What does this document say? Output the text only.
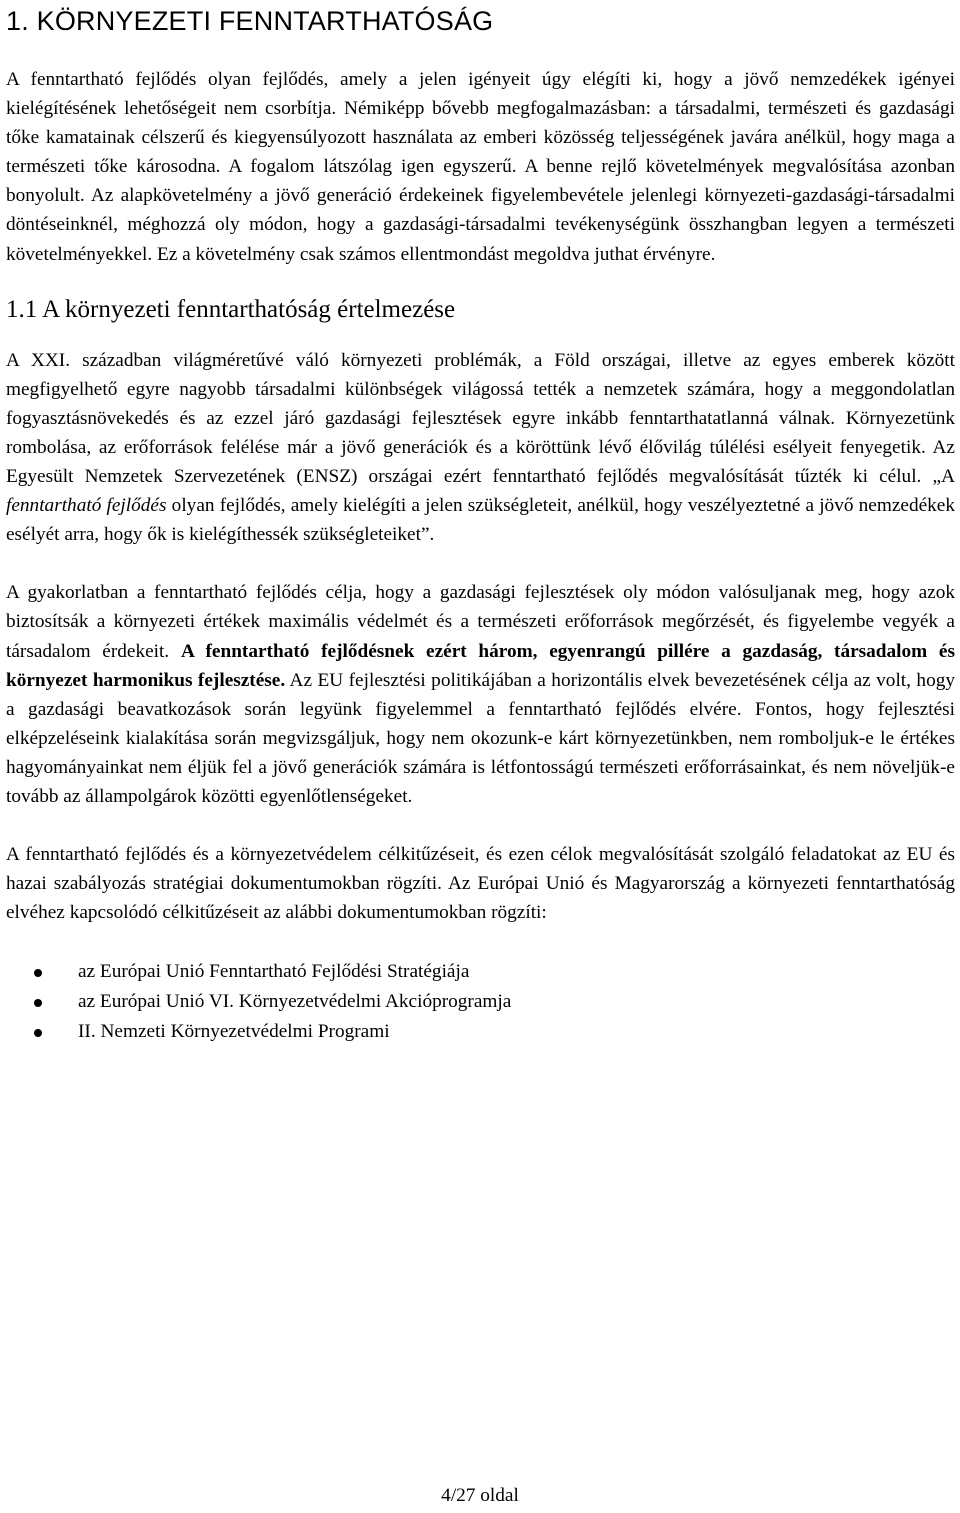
1. KÖRNYEZETI FENNTARTHATÓSÁG

A fenntartható fejlődés olyan fejlődés, amely a jelen igényeit úgy elégíti ki, hogy a jövő nemzedékek igényei kielégítésének lehetőségeit nem csorbítja. Némiképp bővebb megfogalmazásban: a társadalmi, természeti és gazdasági tőke kamatainak célszerű és kiegyensúlyozott használata az emberi közösség teljességének javára anélkül, hogy maga a természeti tőke károsodna. A fogalom látszólag igen egyszerű. A benne rejlő követelmények megvalósítása azonban bonyolult. Az alapkövetelmény a jövő generáció érdekeinek figyelembevétele jelenlegi környezeti-gazdasági-társadalmi döntéseinknél, méghozzá oly módon, hogy a gazdasági-társadalmi tevékenységünk összhangban legyen a természeti követelményekkel. Ez a követelmény csak számos ellentmondást megoldva juthat érvényre.

1.1 A környezeti fenntarthatóság értelmezése

A XXI. században világméretűvé váló környezeti problémák, a Föld országai, illetve az egyes emberek között megfigyelhető egyre nagyobb társadalmi különbségek világossá tették a nemzetek számára, hogy a meggondolatlan fogyasztásnövekedés és az ezzel járó gazdasági fejlesztések egyre inkább fenntarthatatlanná válnak. Környezetünk rombolása, az erőforrások felélése már a jövő generációk és a köröttünk lévő élővilág túlélési esélyeit fenyegetik. Az Egyesült Nemzetek Szervezetének (ENSZ) országai ezért fenntartható fejlődés megvalósítását tűzték ki célul. „A fenntartható fejlődés olyan fejlődés, amely kielégíti a jelen szükségleteit, anélkül, hogy veszélyeztetné a jövő nemzedékek esélyét arra, hogy ők is kielégíthessék szükségleteiket”.

A gyakorlatban a fenntartható fejlődés célja, hogy a gazdasági fejlesztések oly módon valósuljanak meg, hogy azok biztosítsák a környezeti értékek maximális védelmét és a természeti erőforrások megőrzését, és figyelembe vegyék a társadalom érdekeit. A fenntartható fejlődésnek ezért három, egyenrangú pillére a gazdaság, társadalom és környezet harmonikus fejlesztése. Az EU fejlesztési politikájában a horizontális elvek bevezetésének célja az volt, hogy a gazdasági beavatkozások során legyünk figyelemmel a fenntartható fejlődés elvére. Fontos, hogy fejlesztési elképzeléseink kialakítása során megvizsgáljuk, hogy nem okozunk-e kárt környezetünkben, nem romboljuk-e le értékes hagyományainkat nem éljük fel a jövő generációk számára is létfontosságú természeti erőforrásainkat, és nem növeljük-e tovább az állampolgárok közötti egyenlőtlenségeket.

A fenntartható fejlődés és a környezetvédelem célkitűzéseit, és ezen célok megvalósítását szolgáló feladatokat az EU és hazai szabályozás stratégiai dokumentumokban rögzíti. Az Európai Unió és Magyarország a környezeti fenntarthatóság elvéhez kapcsolódó célkitűzéseit az alábbi dokumentumokban rögzíti:

az Európai Unió Fenntartható Fejlődési Stratégiája
az Európai Unió VI. Környezetvédelmi Akcióprogramja
II. Nemzeti Környezetvédelmi Programi
4/27 oldal
